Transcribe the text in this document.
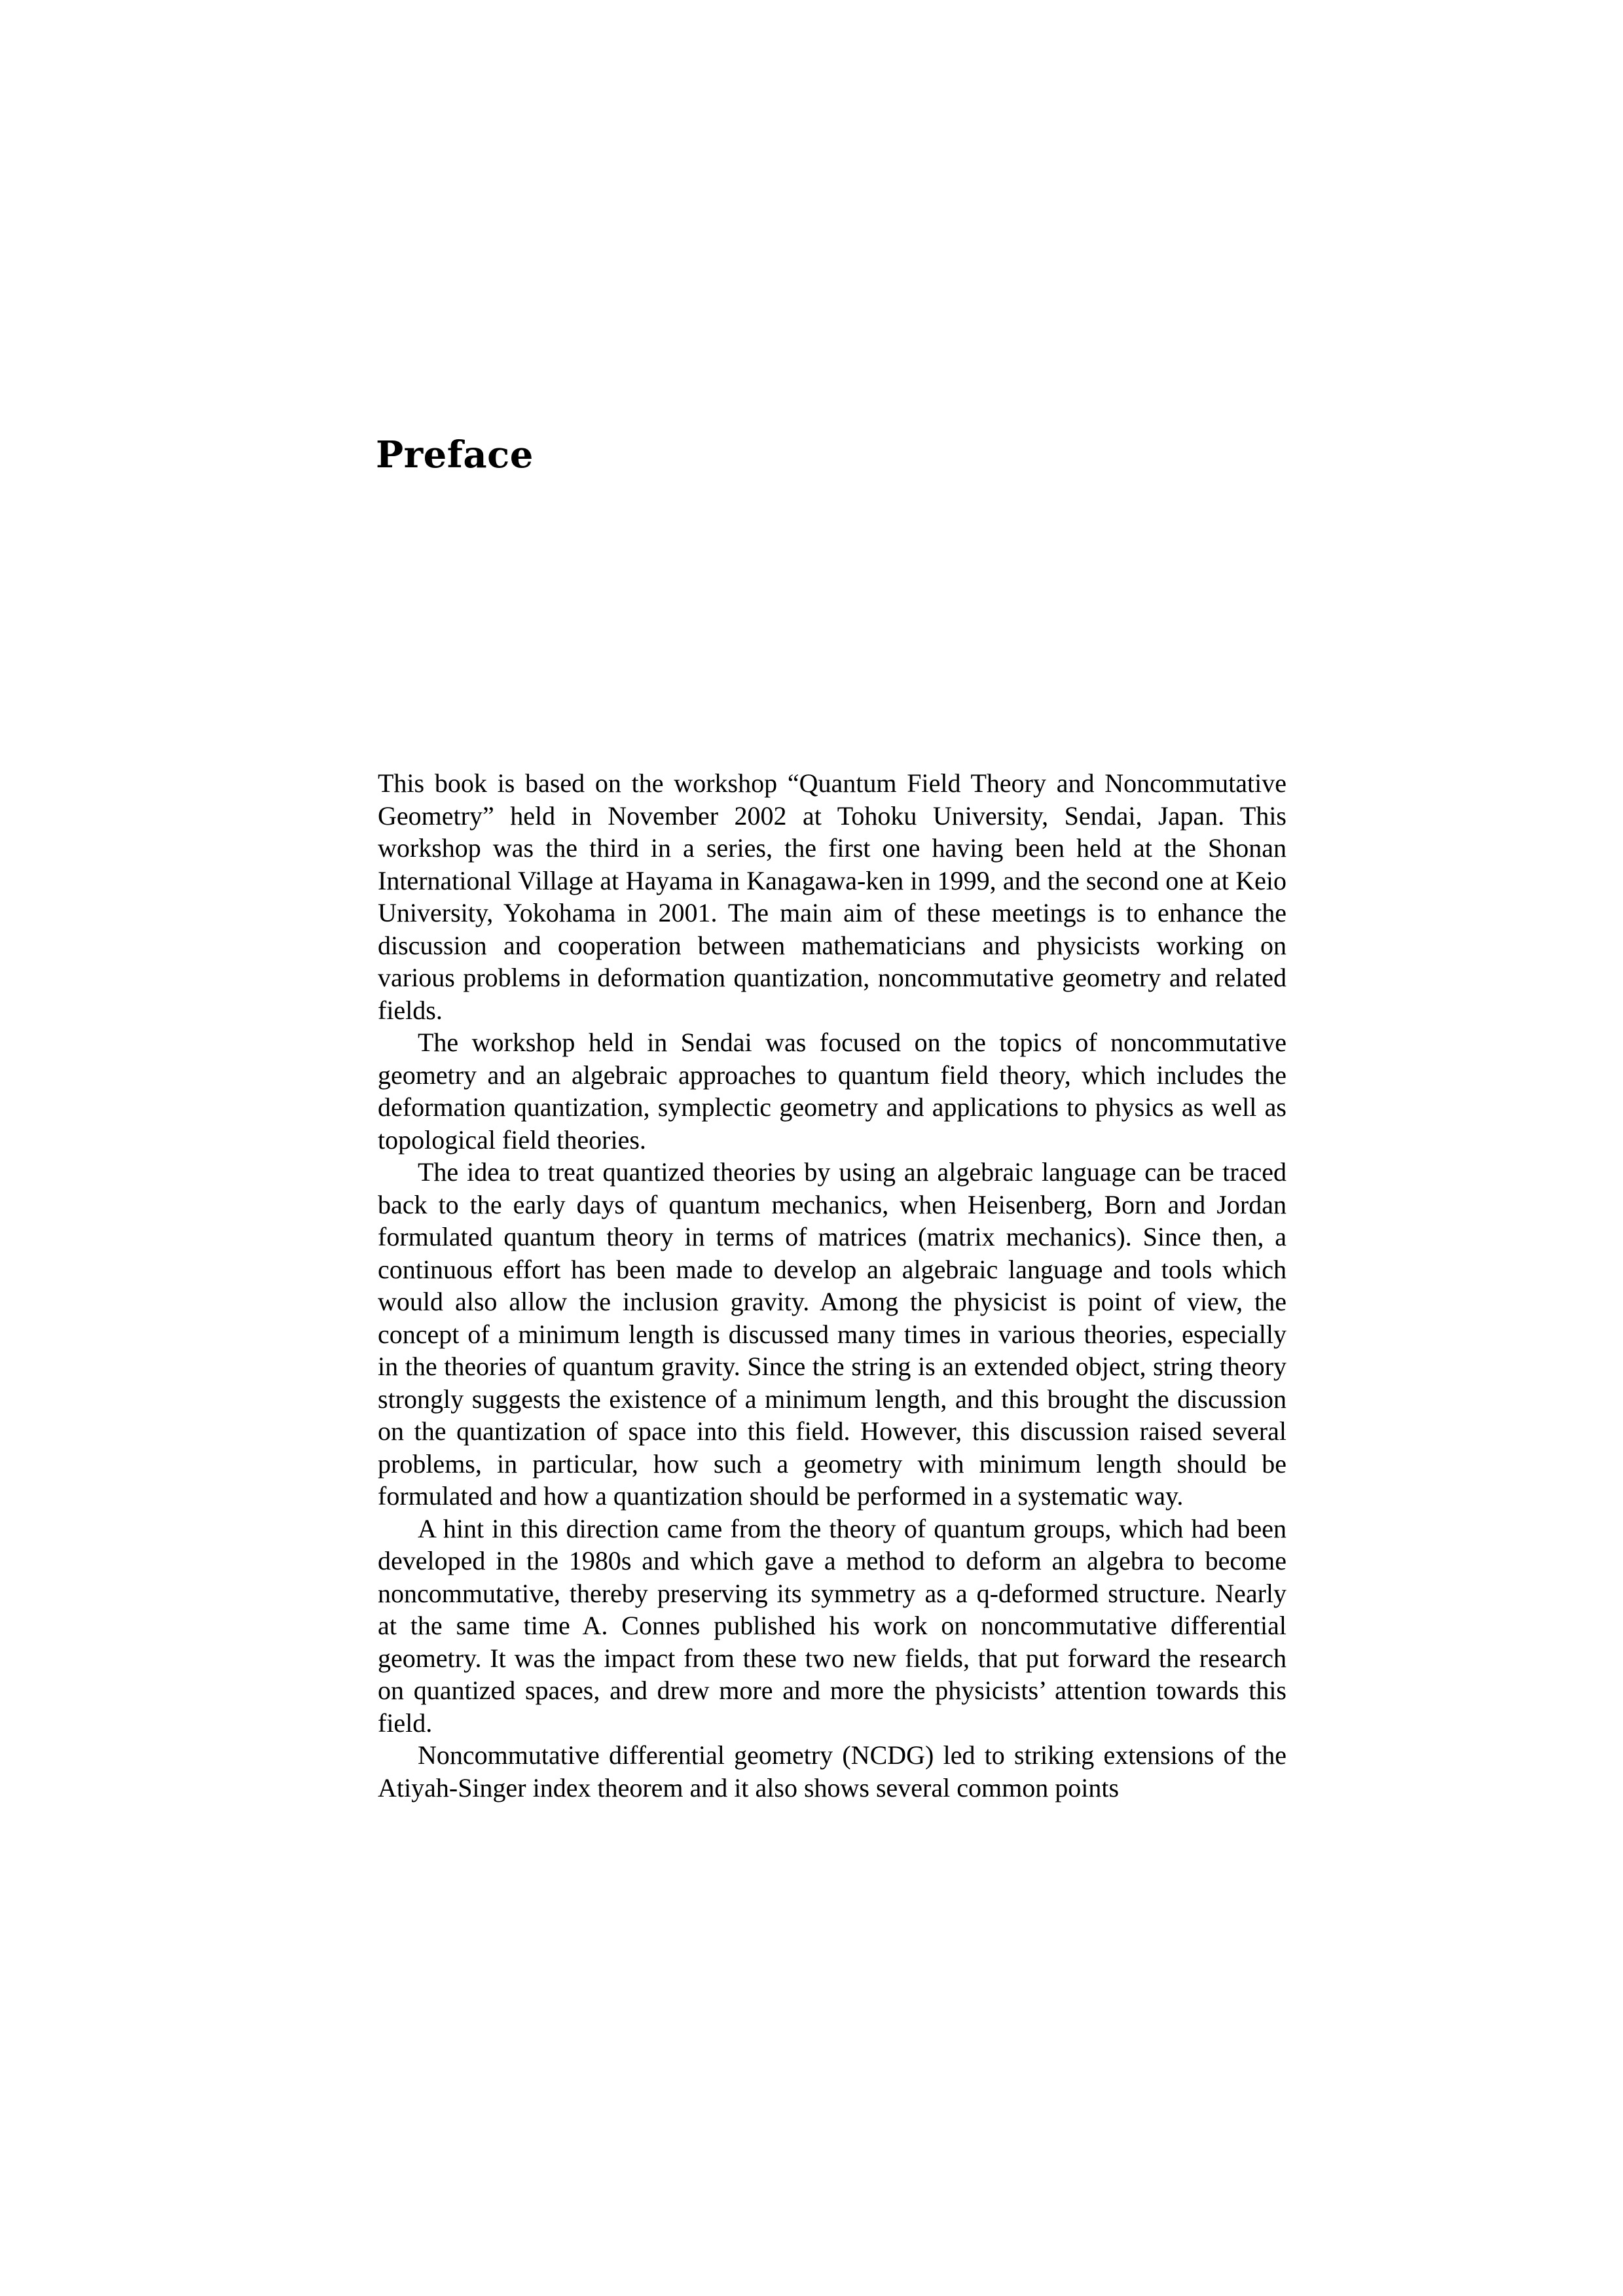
Preface

This book is based on the workshop “Quantum Field Theory and Noncommutative Geometry” held in November 2002 at Tohoku University, Sendai, Japan. This workshop was the third in a series, the first one having been held at the Shonan International Village at Hayama in Kanagawa-ken in 1999, and the second one at Keio University, Yokohama in 2001. The main aim of these meetings is to enhance the discussion and cooperation between mathematicians and physicists working on various problems in deformation quantization, noncommutative geometry and related fields.

The workshop held in Sendai was focused on the topics of noncommutative geometry and an algebraic approaches to quantum field theory, which includes the deformation quantization, symplectic geometry and applications to physics as well as topological field theories.

The idea to treat quantized theories by using an algebraic language can be traced back to the early days of quantum mechanics, when Heisenberg, Born and Jordan formulated quantum theory in terms of matrices (matrix mechanics). Since then, a continuous effort has been made to develop an algebraic language and tools which would also allow the inclusion gravity. Among the physicist is point of view, the concept of a minimum length is discussed many times in various theories, especially in the theories of quantum gravity. Since the string is an extended object, string theory strongly suggests the existence of a minimum length, and this brought the discussion on the quantization of space into this field. However, this discussion raised several problems, in particular, how such a geometry with minimum length should be formulated and how a quantization should be performed in a systematic way.

A hint in this direction came from the theory of quantum groups, which had been developed in the 1980s and which gave a method to deform an algebra to become noncommutative, thereby preserving its symmetry as a q-deformed structure. Nearly at the same time A. Connes published his work on noncommutative differential geometry. It was the impact from these two new fields, that put forward the research on quantized spaces, and drew more and more the physicists’ attention towards this field.

Noncommutative differential geometry (NCDG) led to striking extensions of the Atiyah-Singer index theorem and it also shows several common points
